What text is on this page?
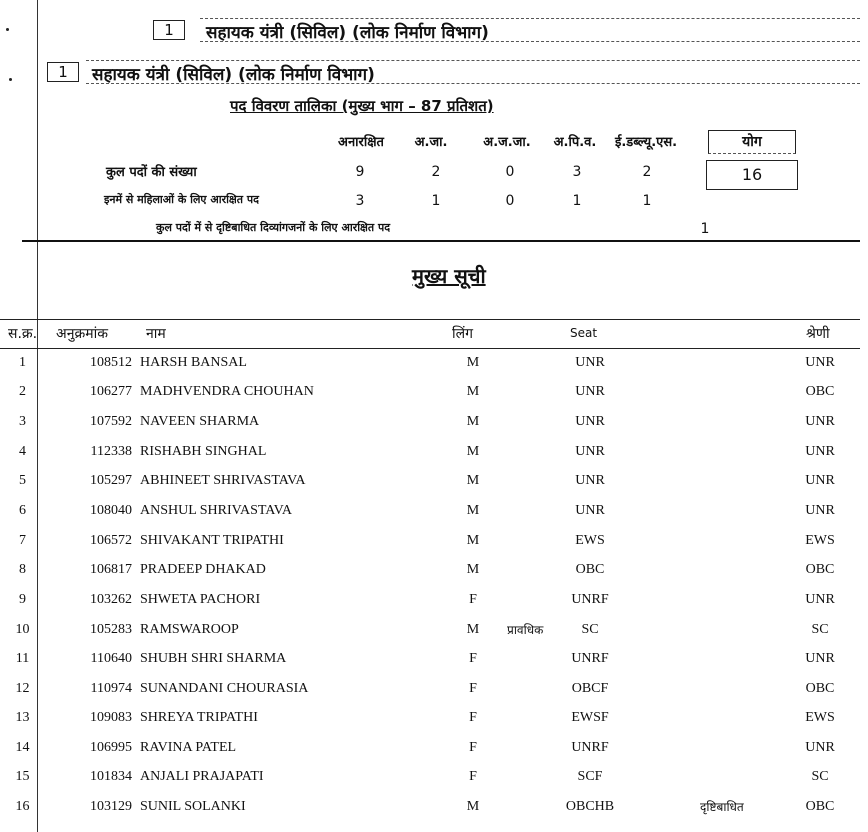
1	सहायक यंत्री (सिविल) (लोक निर्माण विभाग)
1	सहायक यंत्री (सिविल) (लोक निर्माण विभाग)
पद विवरण तालिका (मुख्य भाग – 87 प्रतिशत)
अनारक्षित	अ.जा.	अ.ज.जा.	अ.पि.व.	ई.डब्ल्यू.एस.	योग
कुल पदों की संख्या	9	2	0	3	2	16
इनमें से महिलाओं के लिए आरक्षित पद	3	1	0	1	1
कुल पदों में से दृष्टिबाधित दिव्यांगजनों के लिए आरक्षित पद	1
मुख्य सूची
स.क्र. अनुक्रमांक	नाम	लिंग	Seat	श्रेणी
1	108512 HARSH BANSAL	M	UNR	UNR
2	106277 MADHVENDRA CHOUHAN	M	UNR	OBC
3	107592 NAVEEN SHARMA	M	UNR	UNR
4	112338 RISHABH SINGHAL	M	UNR	UNR
5	105297 ABHINEET SHRIVASTAVA	M	UNR	UNR
6	108040 ANSHUL SHRIVASTAVA	M	UNR	UNR
7	106572 SHIVAKANT TRIPATHI	M	EWS	EWS
8	106817 PRADEEP DHAKAD	M	OBC	OBC
9	103262 SHWETA PACHORI	F	UNRF	UNR
10	105283 RAMSWAROOP	M	प्रावधिक	SC	SC
11	110640 SHUBH SHRI SHARMA	F	UNRF	UNR
12	110974 SUNANDANI CHOURASIA	F	OBCF	OBC
13	109083 SHREYA TRIPATHI	F	EWSF	EWS
14	106995 RAVINA PATEL	F	UNRF	UNR
15	101834 ANJALI PRAJAPATI	F	SCF	SC
16	103129 SUNIL SOLANKI	M	OBCHB	दृष्टिबाधित	OBC
